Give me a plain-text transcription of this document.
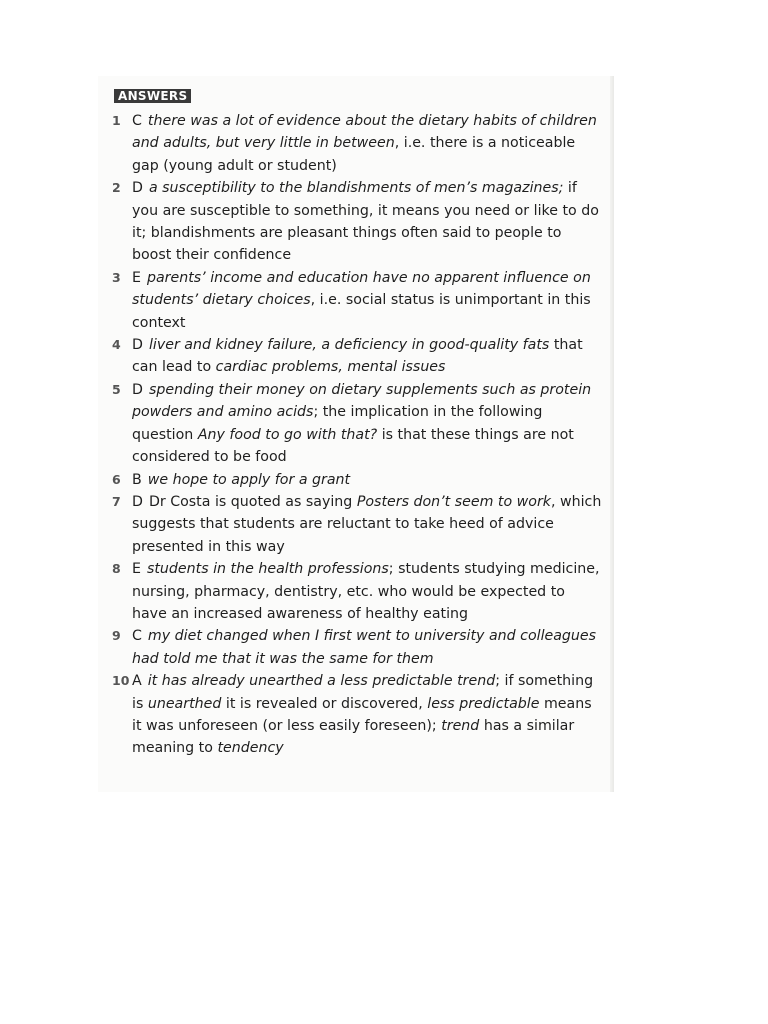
ANSWERS
1 C there was a lot of evidence about the dietary habits of children and adults, but very little in between, i.e. there is a noticeable gap (young adult or student)
2 D a susceptibility to the blandishments of men’s magazines; if you are susceptible to something, it means you need or like to do it; blandishments are pleasant things often said to people to boost their confidence
3 E parents’ income and education have no apparent influence on students’ dietary choices, i.e. social status is unimportant in this context
4 D liver and kidney failure, a deficiency in good-quality fats that can lead to cardiac problems, mental issues
5 D spending their money on dietary supplements such as protein powders and amino acids; the implication in the following question Any food to go with that? is that these things are not considered to be food
6 B we hope to apply for a grant
7 D Dr Costa is quoted as saying Posters don’t seem to work, which suggests that students are reluctant to take heed of advice presented in this way
8 E students in the health professions; students studying medicine, nursing, pharmacy, dentistry, etc. who would be expected to have an increased awareness of healthy eating
9 C my diet changed when I first went to university and colleagues had told me that it was the same for them
10 A it has already unearthed a less predictable trend; if something is unearthed it is revealed or discovered, less predictable means it was unforeseen (or less easily foreseen); trend has a similar meaning to tendency
